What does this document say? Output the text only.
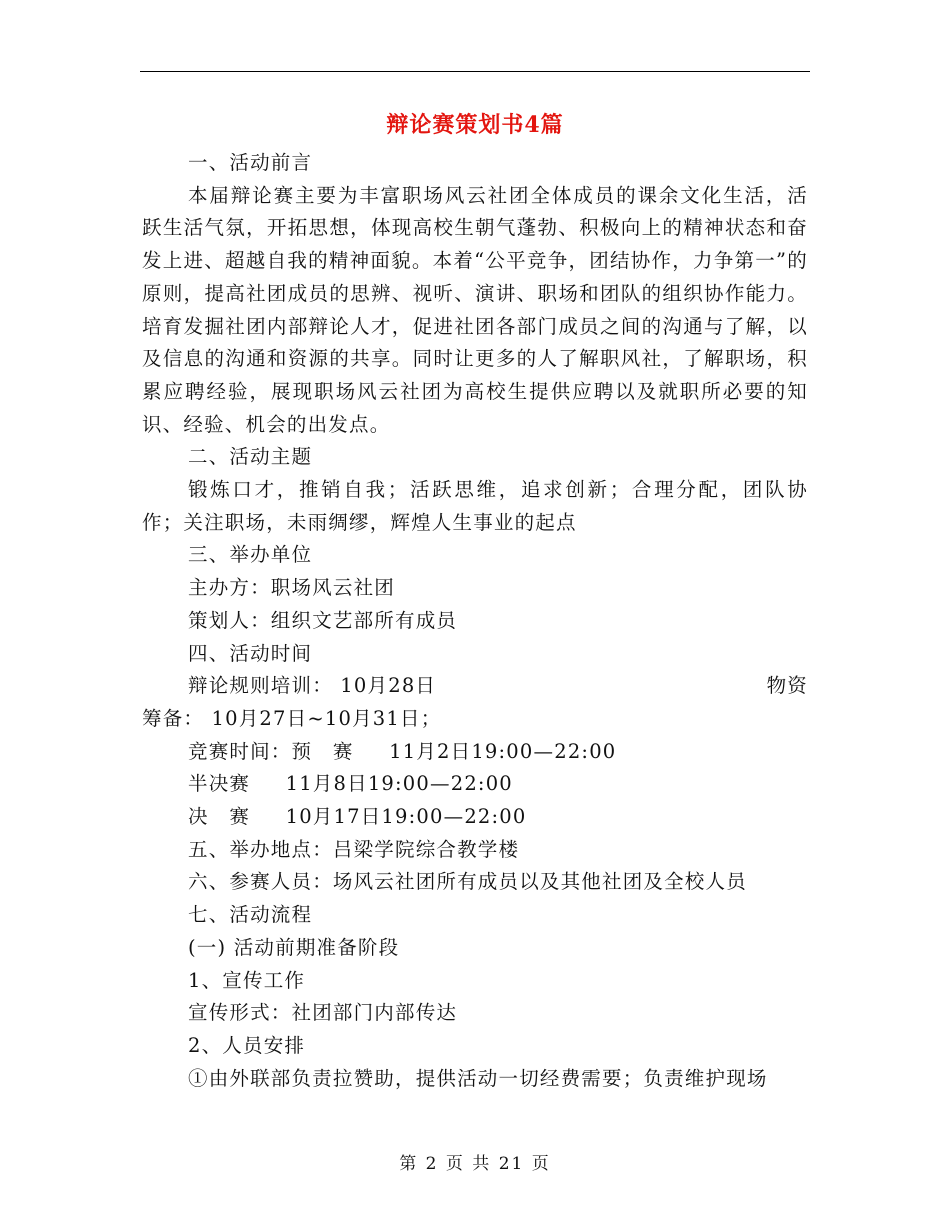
辩论赛策划书4篇

一、活动前言

本届辩论赛主要为丰富职场风云社团全体成员的课余文化生活，活跃生活气氛，开拓思想，体现高校生朝气蓬勃、积极向上的精神状态和奋发上进、超越自我的精神面貌。本着“公平竞争，团结协作，力争第一”的原则，提高社团成员的思辨、视听、演讲、职场和团队的组织协作能力。培育发掘社团内部辩论人才，促进社团各部门成员之间的沟通与了解，以及信息的沟通和资源的共享。同时让更多的人了解职风社，了解职场，积累应聘经验，展现职场风云社团为高校生提供应聘以及就职所必要的知识、经验、机会的出发点。

二、活动主题

锻炼口才，推销自我；活跃思维，追求创新；合理分配，团队协作；关注职场，未雨绸缪，辉煌人生事业的起点

三、举办单位

主办方：职场风云社团

策划人：组织文艺部所有成员

四、活动时间

辩论规则培训： 10月28日	物资

筹备： 10月27日~10月31日；

竞赛时间：预　赛　  11月2日19:00—22:00

半决赛　  11月8日19:00—22:00

决　赛　  10月17日19:00—22:00

五、举办地点：吕梁学院综合教学楼

六、参赛人员：场风云社团所有成员以及其他社团及全校人员

七、活动流程

(一) 活动前期准备阶段

1、宣传工作

宣传形式：社团部门内部传达

2、人员安排

①由外联部负责拉赞助，提供活动一切经费需要；负责维护现场

第 2 页 共 21 页
